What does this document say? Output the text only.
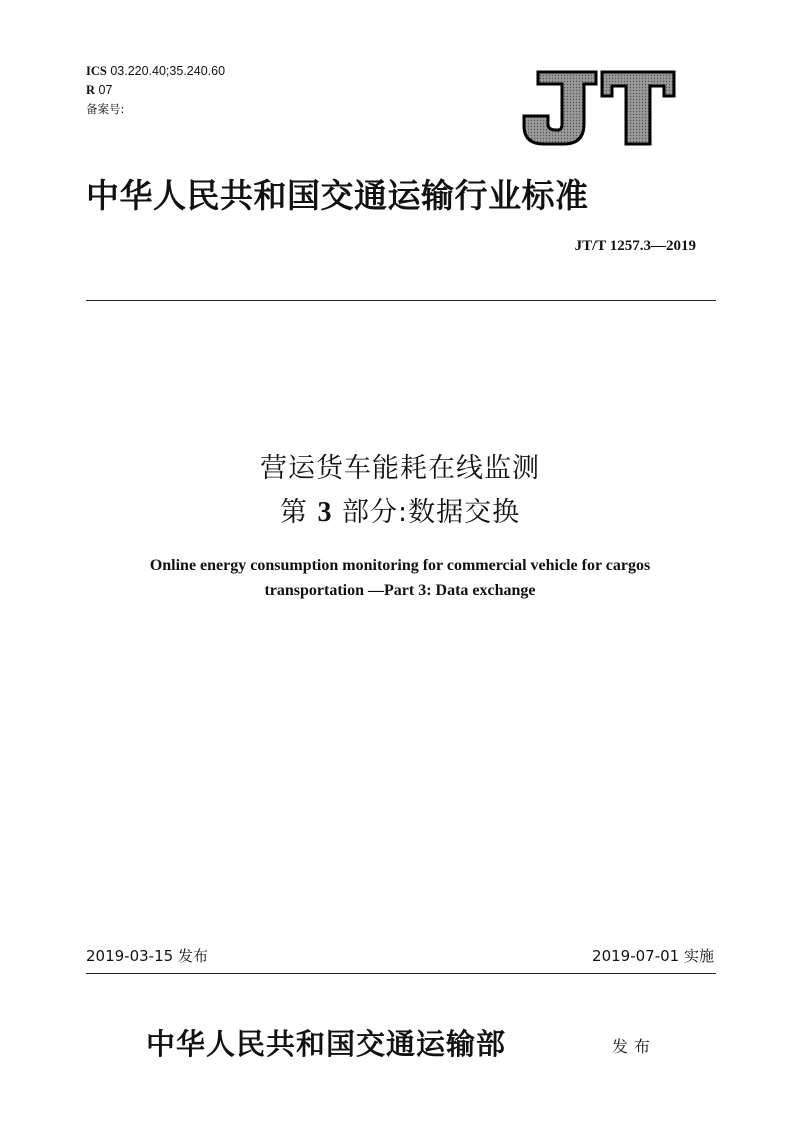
ICS 03.220.40;35.240.60
R 07
备案号:
中华人民共和国交通运输行业标准
JT/T 1257.3—2019
营运货车能耗在线监测
第 3 部分:数据交换
Online energy consumption monitoring for commercial vehicle for cargos
transportation —Part 3: Data exchange
2019-03-15 发布	2019-07-01 实施
中华人民共和国交通运输部	发布
